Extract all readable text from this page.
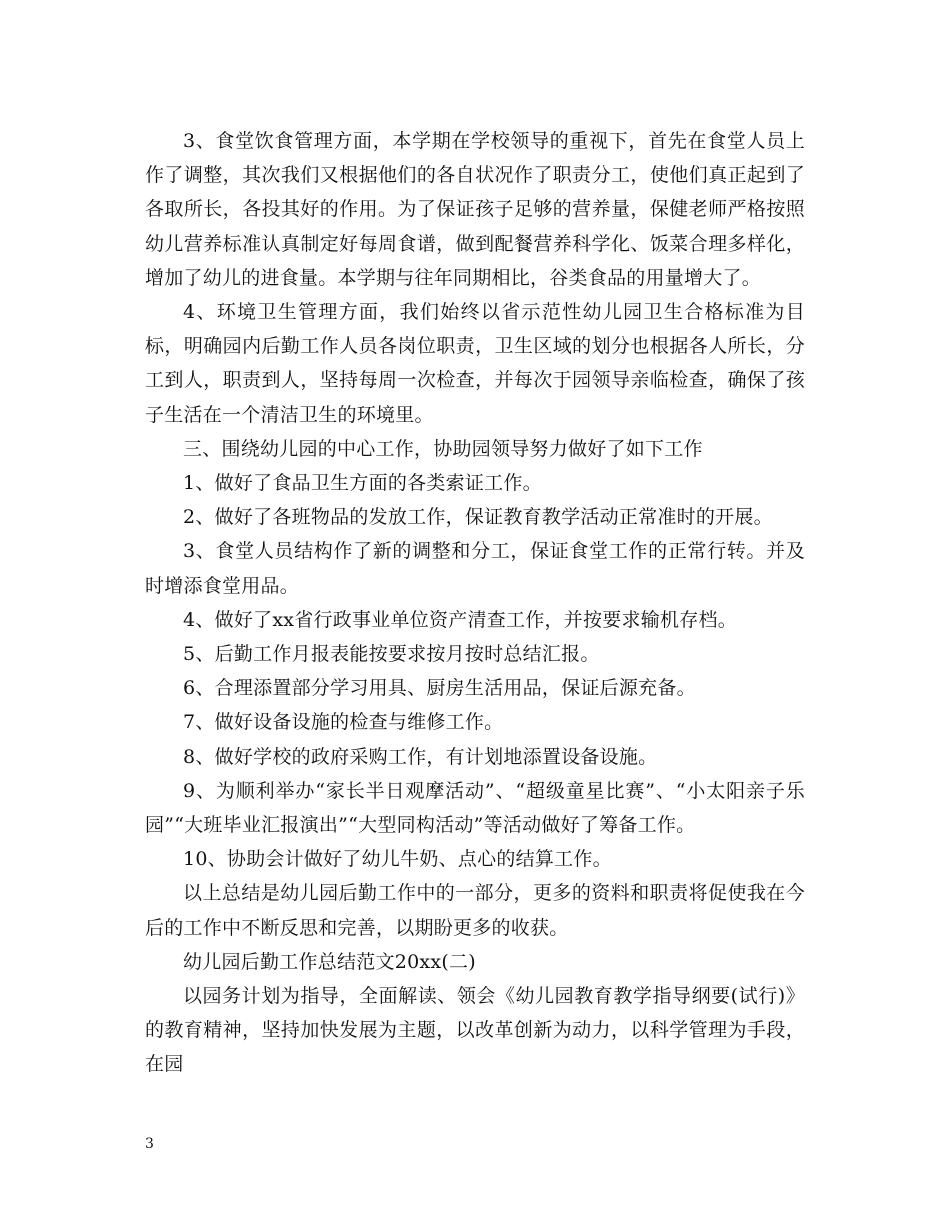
3、食堂饮食管理方面，本学期在学校领导的重视下，首先在食堂人员上作了调整，其次我们又根据他们的各自状况作了职责分工，使他们真正起到了各取所长，各投其好的作用。为了保证孩子足够的营养量，保健老师严格按照幼儿营养标准认真制定好每周食谱，做到配餐营养科学化、饭菜合理多样化，增加了幼儿的进食量。本学期与往年同期相比，谷类食品的用量增大了。

4、环境卫生管理方面，我们始终以省示范性幼儿园卫生合格标准为目标，明确园内后勤工作人员各岗位职责，卫生区域的划分也根据各人所长，分工到人，职责到人，坚持每周一次检查，并每次于园领导亲临检查，确保了孩子生活在一个清洁卫生的环境里。

三、围绕幼儿园的中心工作，协助园领导努力做好了如下工作

1、做好了食品卫生方面的各类索证工作。

2、做好了各班物品的发放工作，保证教育教学活动正常准时的开展。

3、食堂人员结构作了新的调整和分工，保证食堂工作的正常行转。并及时增添食堂用品。

4、做好了xx省行政事业单位资产清查工作，并按要求输机存档。

5、后勤工作月报表能按要求按月按时总结汇报。

6、合理添置部分学习用具、厨房生活用品，保证后源充备。

7、做好设备设施的检查与维修工作。

8、做好学校的政府采购工作，有计划地添置设备设施。

9、为顺利举办“家长半日观摩活动”、“超级童星比赛”、“小太阳亲子乐园”“大班毕业汇报演出”“大型同构活动”等活动做好了筹备工作。

10、协助会计做好了幼儿牛奶、点心的结算工作。

以上总结是幼儿园后勤工作中的一部分，更多的资料和职责将促使我在今后的工作中不断反思和完善，以期盼更多的收获。

幼儿园后勤工作总结范文20xx(二)

以园务计划为指导，全面解读、领会《幼儿园教育教学指导纲要(试行)》的教育精神，坚持加快发展为主题，以改革创新为动力，以科学管理为手段，在园

3
